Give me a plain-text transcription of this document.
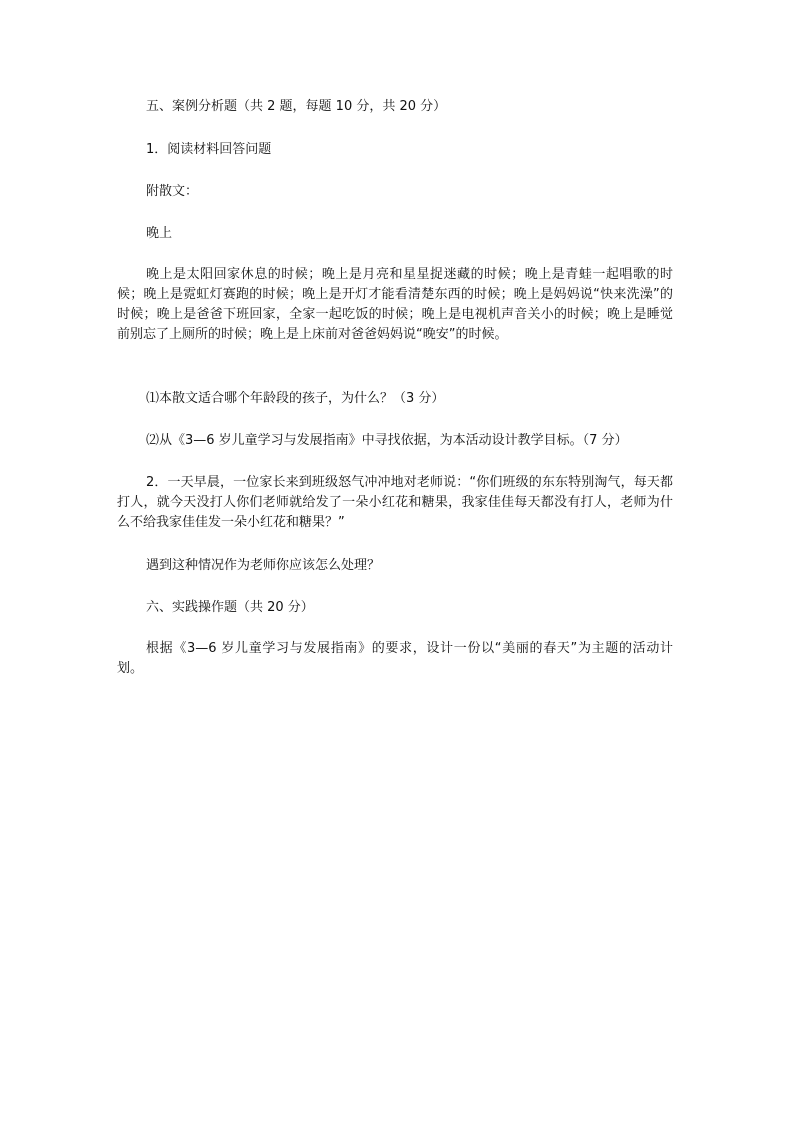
五、案例分析题（共 2 题，每题 10 分，共 20 分）
1．阅读材料回答问题
附散文：
晚上
晚上是太阳回家休息的时候；晚上是月亮和星星捉迷藏的时候；晚上是青蛙一起唱歌的时候；晚上是霓虹灯赛跑的时候；晚上是开灯才能看清楚东西的时候；晚上是妈妈说“快来洗澡”的时候；晚上是爸爸下班回家，全家一起吃饭的时候；晚上是电视机声音关小的时候；晚上是睡觉前别忘了上厕所的时候；晚上是上床前对爸爸妈妈说“晚安”的时候。
⑴本散文适合哪个年龄段的孩子，为什么？（3 分）
⑵从《3—6 岁儿童学习与发展指南》中寻找依据，为本活动设计教学目标。（7 分）
2．一天早晨，一位家长来到班级怒气冲冲地对老师说：“你们班级的东东特别淘气，每天都打人，就今天没打人你们老师就给发了一朵小红花和糖果，我家佳佳每天都没有打人，老师为什么不给我家佳佳发一朵小红花和糖果？”
遇到这种情况作为老师你应该怎么处理？
六、实践操作题（共 20 分）
根据《3—6 岁儿童学习与发展指南》的要求，设计一份以“美丽的春天”为主题的活动计划。
